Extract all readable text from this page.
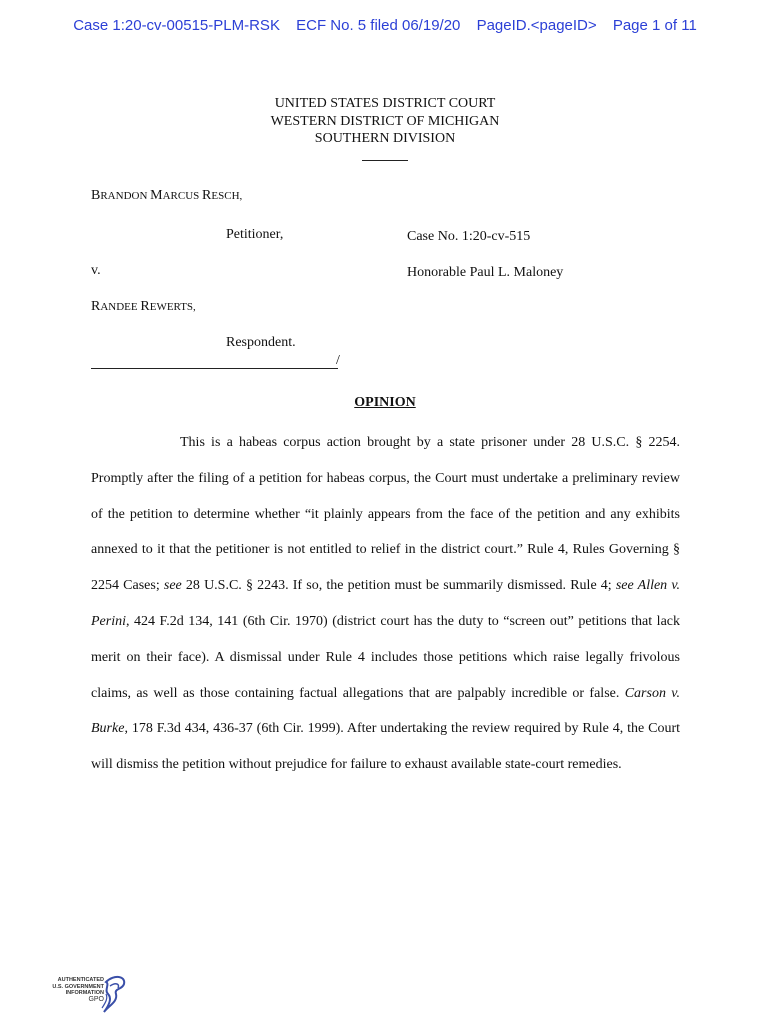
Case 1:20-cv-00515-PLM-RSK ECF No. 5 filed 06/19/20 PageID.<pageID> Page 1 of 11
UNITED STATES DISTRICT COURT
WESTERN DISTRICT OF MICHIGAN
SOUTHERN DIVISION
BRANDON MARCUS RESCH,
Petitioner,	Case No. 1:20-cv-515
v.	Honorable Paul L. Maloney
RANDEE REWERTS,
Respondent.
/
OPINION

This is a habeas corpus action brought by a state prisoner under 28 U.S.C. § 2254. Promptly after the filing of a petition for habeas corpus, the Court must undertake a preliminary review of the petition to determine whether “it plainly appears from the face of the petition and any exhibits annexed to it that the petitioner is not entitled to relief in the district court.” Rule 4, Rules Governing § 2254 Cases; see 28 U.S.C. § 2243. If so, the petition must be summarily dismissed. Rule 4; see Allen v. Perini, 424 F.2d 134, 141 (6th Cir. 1970) (district court has the duty to “screen out” petitions that lack merit on their face). A dismissal under Rule 4 includes those petitions which raise legally frivolous claims, as well as those containing factual allegations that are palpably incredible or false. Carson v. Burke, 178 F.3d 434, 436-37 (6th Cir. 1999). After undertaking the review required by Rule 4, the Court will dismiss the petition without prejudice for failure to exhaust available state-court remedies.

AUTHENTICATED
U.S. GOVERNMENT
INFORMATION
GPO
